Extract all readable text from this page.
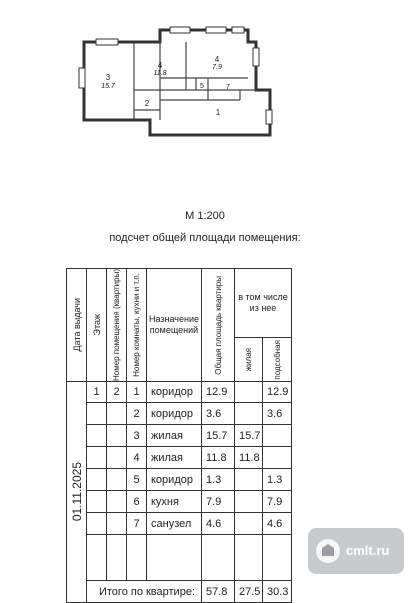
3
15.7
4
11.8
4
7.9
5	7
2
1
М 1:200
подсчет общей площади помещения:
Дата выдачи	Этаж	Номер помещения (квартиры)	Номер комнаты, кухни и т.п.	Назначение помещений	Общая площадь квартиры	в том числе из нее	

						жилая	подсобная

01.11.2025	1	2	1	коридор	12.9		12.9
			2	коридор	3.6		3.6
			3	жилая	15.7	15.7	
			4	жилая	11.8	11.8	
			5	коридор	1.3		1.3
			6	кухня	7.9		7.9
			7	санузел	4.6		4.6

	Итого по квартире:				57.8	27.5	30.3
cmlt.ru
